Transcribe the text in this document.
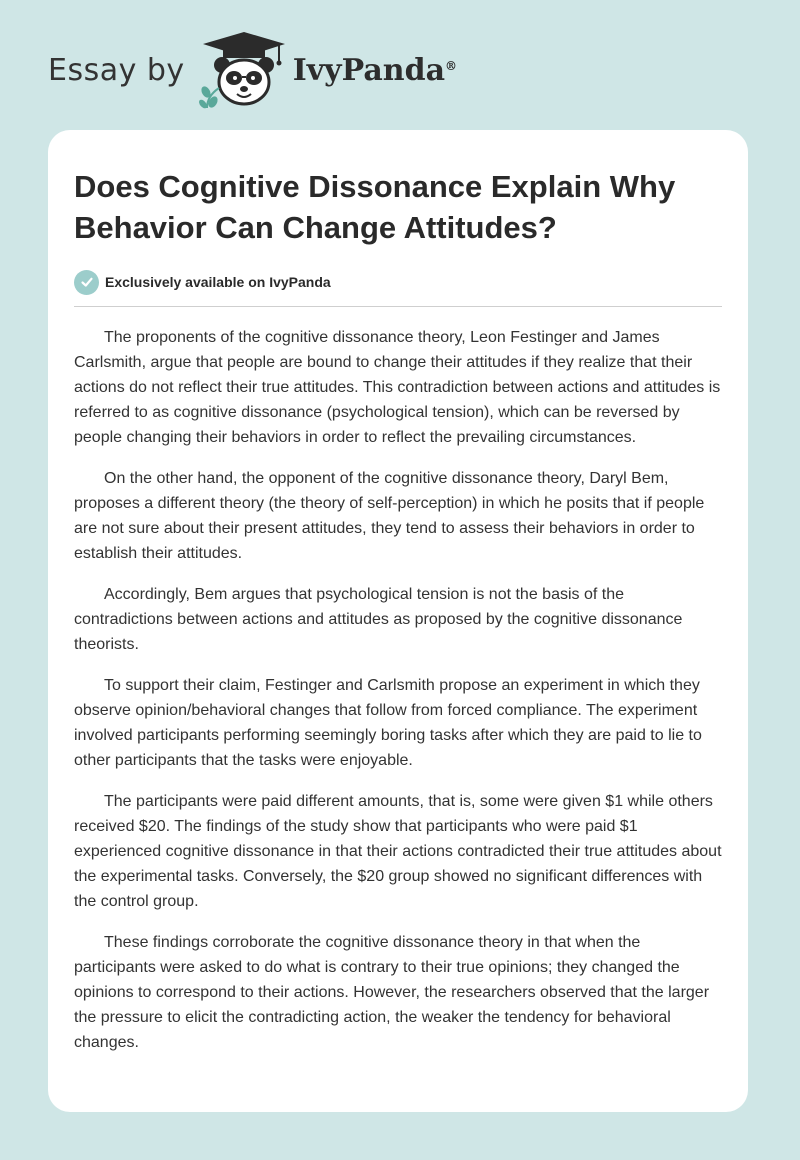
Essay by	IvyPanda®
Does Cognitive Dissonance Explain Why Behavior Can Change Attitudes?
Exclusively available on IvyPanda

The proponents of the cognitive dissonance theory, Leon Festinger and James Carlsmith, argue that people are bound to change their attitudes if they realize that their actions do not reflect their true attitudes. This contradiction between actions and attitudes is referred to as cognitive dissonance (psychological tension), which can be reversed by people changing their behaviors in order to reflect the prevailing circumstances.

On the other hand, the opponent of the cognitive dissonance theory, Daryl Bem, proposes a different theory (the theory of self-perception) in which he posits that if people are not sure about their present attitudes, they tend to assess their behaviors in order to establish their attitudes.

Accordingly, Bem argues that psychological tension is not the basis of the contradictions between actions and attitudes as proposed by the cognitive dissonance theorists.

To support their claim, Festinger and Carlsmith propose an experiment in which they observe opinion/behavioral changes that follow from forced compliance. The experiment involved participants performing seemingly boring tasks after which they are paid to lie to other participants that the tasks were enjoyable.

The participants were paid different amounts, that is, some were given $1 while others received $20. The findings of the study show that participants who were paid $1 experienced cognitive dissonance in that their actions contradicted their true attitudes about the experimental tasks. Conversely, the $20 group showed no significant differences with the control group.

These findings corroborate the cognitive dissonance theory in that when the participants were asked to do what is contrary to their true opinions; they changed the opinions to correspond to their actions. However, the researchers observed that the larger the pressure to elicit the contradicting action, the weaker the tendency for behavioral changes.
